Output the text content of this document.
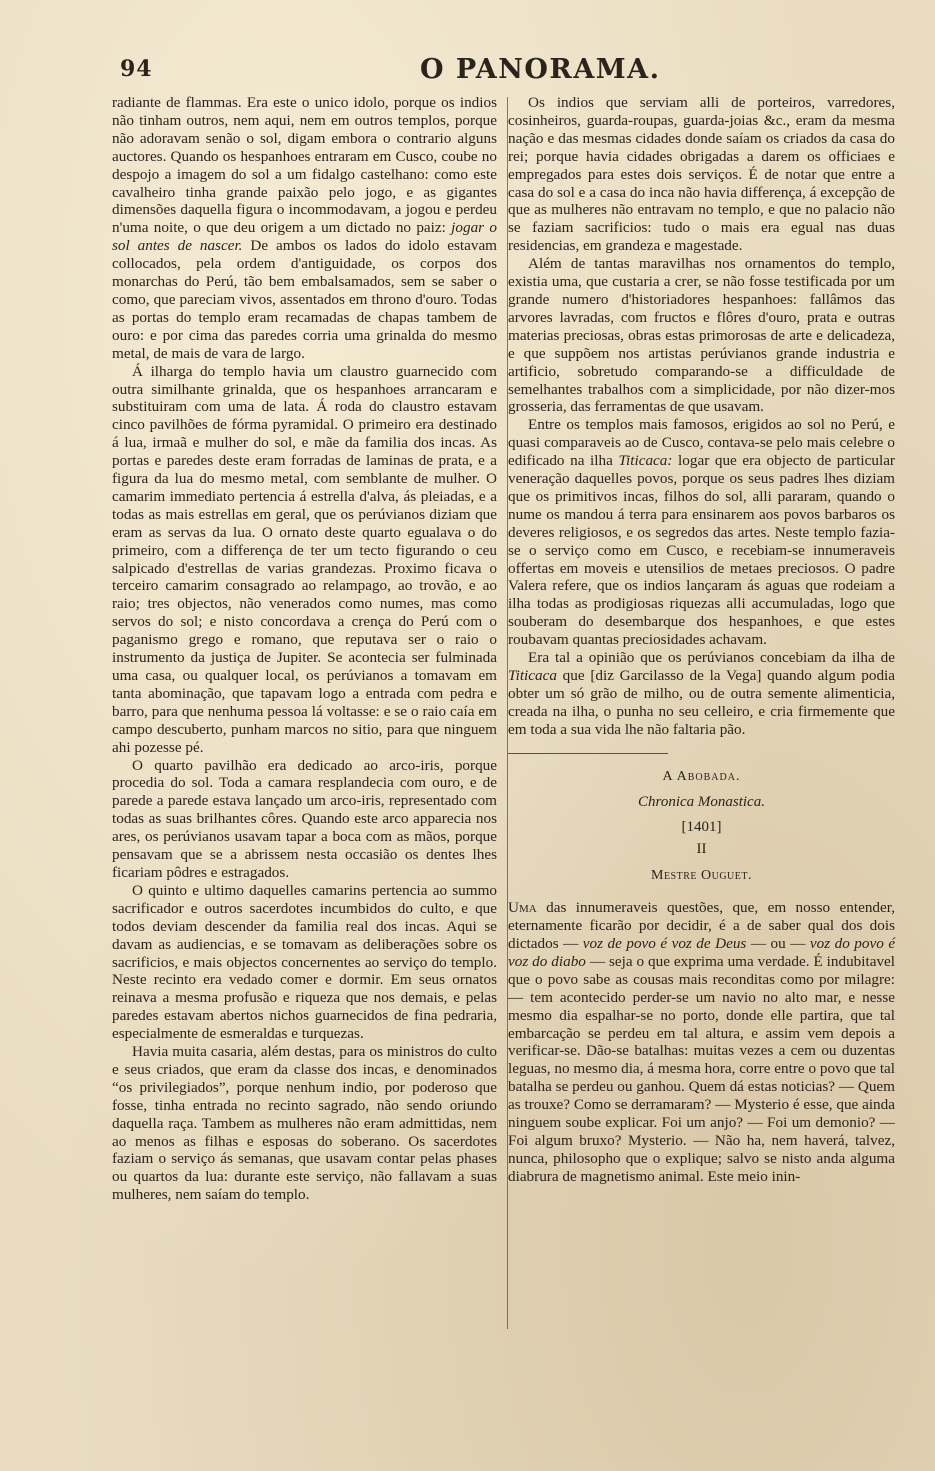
94	O PANORAMA.

radiante de flammas. Era este o unico idolo, porque os indios não tinham outros, nem aqui, nem em outros templos, porque não adoravam senão o sol, digam embora o contrario alguns auctores. Quando os hespanhoes entraram em Cusco, coube no despojo a imagem do sol a um fidalgo castelhano: como este cavalheiro tinha grande paixão pelo jogo, e as gigantes dimensões daquella figura o incommodavam, a jogou e perdeu n'uma noite, o que deu origem a um dictado no paiz: jogar o sol antes de nascer. De ambos os lados do idolo estavam collocados, pela ordem d'antiguidade, os corpos dos monarchas do Perú, tão bem embalsamados, sem se saber o como, que pareciam vivos, assentados em throno d'ouro. Todas as portas do templo eram recamadas de chapas tambem de ouro: e por cima das paredes corria uma grinalda do mesmo metal, de mais de vara de largo.

Á ilharga do templo havia um claustro guarnecido com outra similhante grinalda, que os hespanhoes arrancaram e substituiram com uma de lata. Á roda do claustro estavam cinco pavilhões de fórma pyramidal. O primeiro era destinado á lua, irmaã e mulher do sol, e mãe da familia dos incas. As portas e paredes deste eram forradas de laminas de prata, e a figura da lua do mesmo metal, com semblante de mulher. O camarim immediato pertencia á estrella d'alva, ás pleiadas, e a todas as mais estrellas em geral, que os perúvianos diziam que eram as servas da lua. O ornato deste quarto egualava o do primeiro, com a differença de ter um tecto figurando o ceu salpicado d'estrellas de varias grandezas. Proximo ficava o terceiro camarim consagrado ao relampago, ao trovão, e ao raio; tres objectos, não venerados como numes, mas como servos do sol; e nisto concordava a crença do Perú com o paganismo grego e romano, que reputava ser o raio o instrumento da justiça de Jupiter. Se acontecia ser fulminada uma casa, ou qualquer local, os perúvianos a tomavam em tanta abominação, que tapavam logo a entrada com pedra e barro, para que nenhuma pessoa lá voltasse: e se o raio caía em campo descuberto, punham marcos no sitio, para que ninguem ahi pozesse pé.

O quarto pavilhão era dedicado ao arco-iris, porque procedia do sol. Toda a camara resplandecia com ouro, e de parede a parede estava lançado um arco-iris, representado com todas as suas brilhantes côres. Quando este arco apparecia nos ares, os perúvianos usavam tapar a boca com as mãos, porque pensavam que se a abrissem nesta occasião os dentes lhes ficariam pôdres e estragados.

O quinto e ultimo daquelles camarins pertencia ao summo sacrificador e outros sacerdotes incumbidos do culto, e que todos deviam descender da familia real dos incas. Aqui se davam as audiencias, e se tomavam as deliberações sobre os sacrificios, e mais objectos concernentes ao serviço do templo. Neste recinto era vedado comer e dormir. Em seus ornatos reinava a mesma profusão e riqueza que nos demais, e pelas paredes estavam abertos nichos guarnecidos de fina pedraria, especialmente de esmeraldas e turquezas.

Havia muita casaria, além destas, para os ministros do culto e seus criados, que eram da classe dos incas, e denominados “os privilegiados”, porque nenhum indio, por poderoso que fosse, tinha entrada no recinto sagrado, não sendo oriundo daquella raça. Tambem as mulheres não eram admittidas, nem ao menos as filhas e esposas do soberano. Os sacerdotes faziam o serviço ás semanas, que usavam contar pelas phases ou quartos da lua: durante este serviço, não fallavam a suas mulheres, nem saíam do templo.

Os indios que serviam alli de porteiros, varredores, cosinheiros, guarda-roupas, guarda-joias &c., eram da mesma nação e das mesmas cidades donde saíam os criados da casa do rei; porque havia cidades obrigadas a darem os officiaes e empregados para estes dois serviços. É de notar que entre a casa do sol e a casa do inca não havia differença, á excepção de que as mulheres não entravam no templo, e que no palacio não se faziam sacrificios: tudo o mais era egual nas duas residencias, em grandeza e magestade.

Além de tantas maravilhas nos ornamentos do templo, existia uma, que custaria a crer, se não fosse testificada por um grande numero d'historiadores hespanhoes: fallâmos das arvores lavradas, com fructos e flôres d'ouro, prata e outras materias preciosas, obras estas primorosas de arte e delicadeza, e que suppõem nos artistas perúvianos grande industria e artificio, sobretudo comparando-se a difficuldade de semelhantes trabalhos com a simplicidade, por não dizer-mos grosseria, das ferramentas de que usavam.

Entre os templos mais famosos, erigidos ao sol no Perú, e quasi comparaveis ao de Cusco, contava-se pelo mais celebre o edificado na ilha Titicaca: logar que era objecto de particular veneração daquelles povos, porque os seus padres lhes diziam que os primitivos incas, filhos do sol, alli pararam, quando o nume os mandou á terra para ensinarem aos povos barbaros os deveres religiosos, e os segredos das artes. Neste templo fazia-se o serviço como em Cusco, e recebiam-se innumeraveis offertas em moveis e utensilios de metaes preciosos. O padre Valera refere, que os indios lançaram ás aguas que rodeiam a ilha todas as prodigiosas riquezas alli accumuladas, logo que souberam do desembarque dos hespanhoes, e que estes roubavam quantas preciosidades achavam.

Era tal a opinião que os perúvianos concebiam da ilha de Titicaca que [diz Garcilasso de la Vega] quando algum podia obter um só grão de milho, ou de outra semente alimenticia, creada na ilha, o punha no seu celleiro, e cria firmemente que em toda a sua vida lhe não faltaria pão.

A Abobada.
Chronica Monastica.
[1401]
II
Mestre Ouguet.

Uma das innumeraveis questões, que, em nosso entender, eternamente ficarão por decidir, é a de saber qual dos dois dictados — voz de povo é voz de Deus — ou — voz do povo é voz do diabo — seja o que exprima uma verdade. É indubitavel que o povo sabe as cousas mais reconditas como por milagre: — tem acontecido perder-se um navio no alto mar, e nesse mesmo dia espalhar-se no porto, donde elle partira, que tal embarcação se perdeu em tal altura, e assim vem depois a verificar-se. Dão-se batalhas: muitas vezes a cem ou duzentas leguas, no mesmo dia, á mesma hora, corre entre o povo que tal batalha se perdeu ou ganhou. Quem dá estas noticias? — Quem as trouxe? Como se derramaram? — Mysterio é esse, que ainda ninguem soube explicar. Foi um anjo? — Foi um demonio? — Foi algum bruxo? Mysterio. — Não ha, nem haverá, talvez, nunca, philosopho que o explique; salvo se nisto anda alguma diabrura de magnetismo animal. Este meio inin-
